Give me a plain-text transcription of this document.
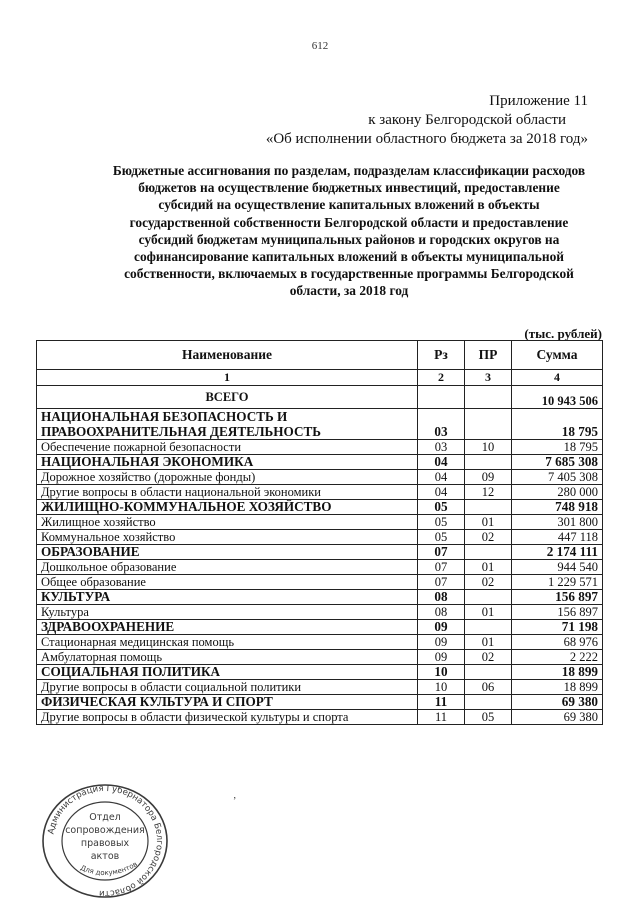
612
Приложение 11
к закону Белгородской области
«Об исполнении областного бюджета за 2018 год»
Бюджетные ассигнования по разделам, подразделам классификации расходов
бюджетов на осуществление бюджетных инвестиций, предоставление
субсидий на осуществление капитальных вложений в объекты
государственной собственности Белгородской области и предоставление
субсидий бюджетам муниципальных районов и городских округов на
софинансирование капитальных вложений в объекты муниципальной
собственности, включаемых в государственные программы Белгородской
области, за 2018 год
(тыс. рублей)
Наименование	Рз	ПР	Сумма
1	2	3	4
ВСЕГО			10 943 506
НАЦИОНАЛЬНАЯ БЕЗОПАСНОСТЬ И ПРАВООХРАНИТЕЛЬНАЯ ДЕЯТЕЛЬНОСТЬ	03		18 795
Обеспечение пожарной безопасности	03	10	18 795
НАЦИОНАЛЬНАЯ ЭКОНОМИКА	04		7 685 308
Дорожное хозяйство (дорожные фонды)	04	09	7 405 308
Другие вопросы в области национальной экономики	04	12	280 000
ЖИЛИЩНО-КОММУНАЛЬНОЕ ХОЗЯЙСТВО	05		748 918
Жилищное хозяйство	05	01	301 800
Коммунальное хозяйство	05	02	447 118
ОБРАЗОВАНИЕ	07		2 174 111
Дошкольное образование	07	01	944 540
Общее образование	07	02	1 229 571
КУЛЬТУРА	08		156 897
Культура	08	01	156 897
ЗДРАВООХРАНЕНИЕ	09		71 198
Стационарная медицинская помощь	09	01	68 976
Амбулаторная помощь	09	02	2 222
СОЦИАЛЬНАЯ ПОЛИТИКА	10		18 899
Другие вопросы в области социальной политики	10	06	18 899
ФИЗИЧЕСКАЯ КУЛЬТУРА И СПОРТ	11		69 380
Другие вопросы в области физической культуры и спорта	11	05	69 380
Администрация Губернатора Белгородской области
Отдел
сопровождения
правовых
актов
Для документов
ʼ
